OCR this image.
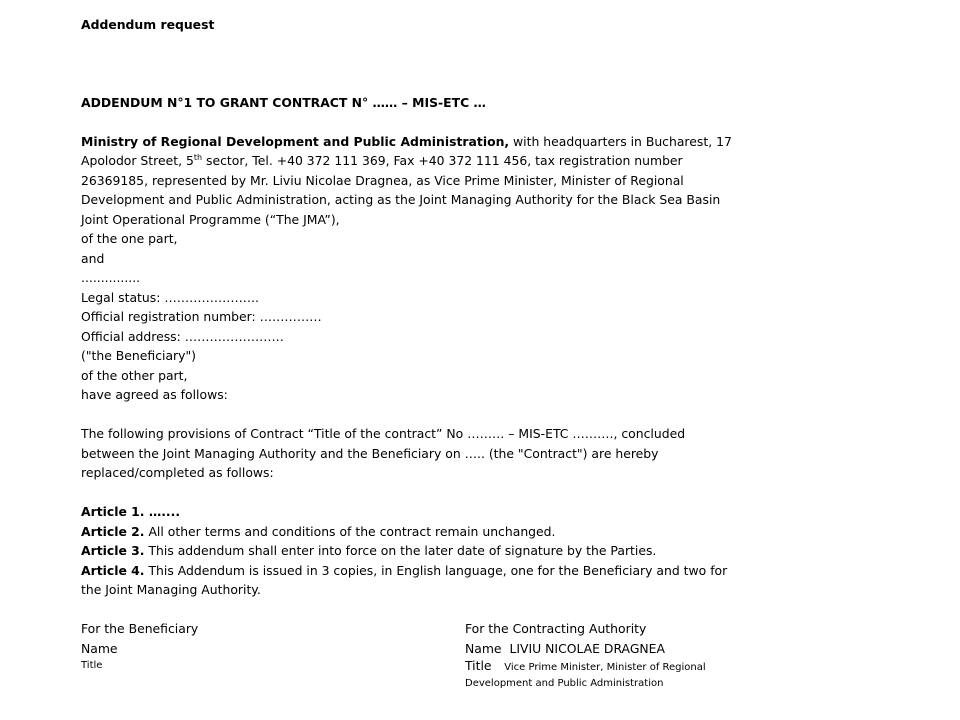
Addendum request
ADDENDUM N°1 TO GRANT CONTRACT N° …… – MIS-ETC …
Ministry of Regional Development and Public Administration, with headquarters in Bucharest, 17
Apolodor Street, 5th sector, Tel. +40 372 111 369, Fax +40 372 111 456, tax registration number
26369185, represented by Mr. Liviu Nicolae Dragnea, as Vice Prime Minister, Minister of Regional
Development and Public Administration, acting as the Joint Managing Authority for the Black Sea Basin
Joint Operational Programme (“The JMA”),
of the one part,
and
...............
Legal status: …………………..
Official registration number: ……………
Official address: ……………………
("the Beneficiary")
of the other part,
have agreed as follows:
The following provisions of Contract “Title of the contract” No ……… – MIS-ETC ………., concluded
between the Joint Managing Authority and the Beneficiary on ….. (the "Contract") are hereby
replaced/completed as follows:
Article 1. …....
Article 2. All other terms and conditions of the contract remain unchanged.
Article 3. This addendum shall enter into force on the later date of signature by the Parties.
Article 4. This Addendum is issued in 3 copies, in English language, one for the Beneficiary and two for
the Joint Managing Authority.
For the Beneficiary
Name
Title
For the Contracting Authority
Name LIVIU NICOLAE DRAGNEA
Title Vice Prime Minister, Minister of Regional
Development and Public Administration
